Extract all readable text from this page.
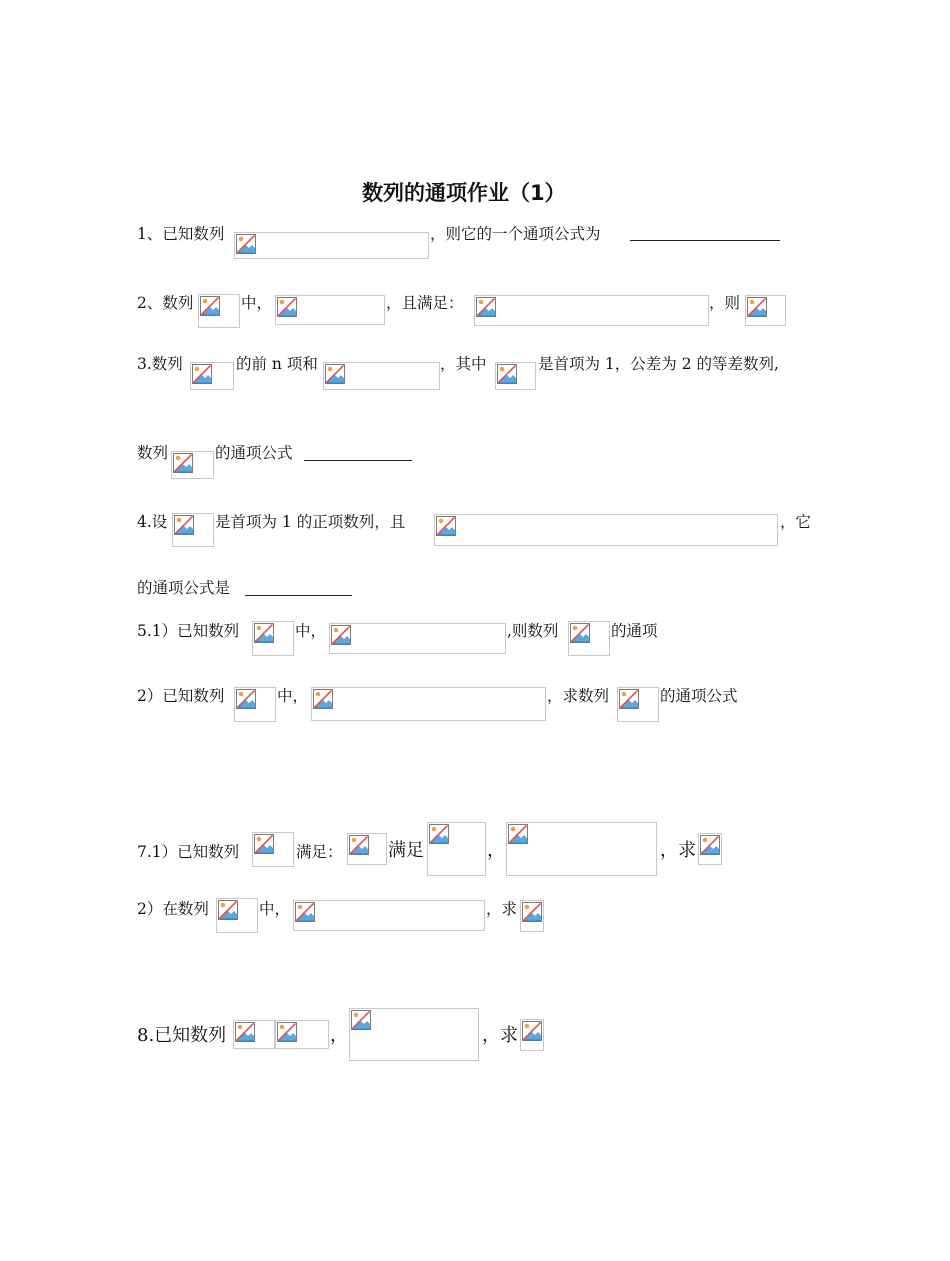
数列的通项作业（1）
1、已知数列	，则它的一个通项公式为
2、数列	中，	，且满足：	，则
3.数列	的前 n 项和	，其中	是首项为 1，公差为 2 的等差数列,
数列	的通项公式
4.设	是首项为 1 的正项数列，且	，它
的通项公式是
5.1）已知数列	中，	,则数列	的通项
2）已知数列	中，	，求数列	的通项公式
7.1）已知数列	满足：	满足	，	，求
2）在数列	中，	，求
8.已知数列	，	，求
